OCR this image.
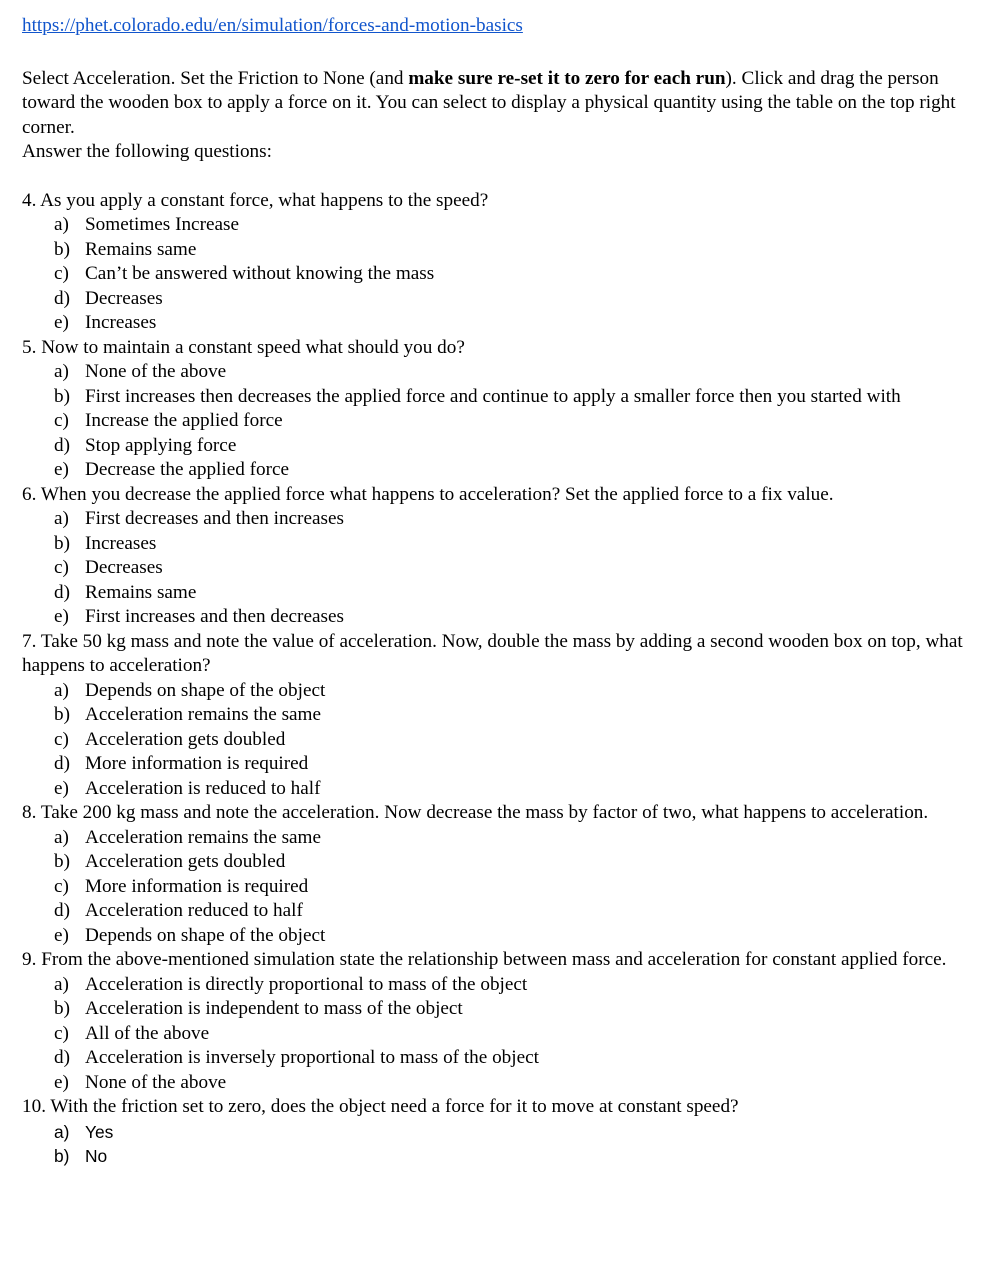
https://phet.colorado.edu/en/simulation/forces-and-motion-basics

Select Acceleration. Set the Friction to None (and make sure re-set it to zero for each run). Click and drag the person toward the wooden box to apply a force on it. You can select to display a physical quantity using the table on the top right corner.
Answer the following questions:

4. As you apply a constant force, what happens to the speed?

a) Sometimes Increase
b) Remains same
c) Can’t be answered without knowing the mass
d) Decreases
e) Increases

5. Now to maintain a constant speed what should you do?

a) None of the above
b) First increases then decreases the applied force and continue to apply a smaller force then you started with
c) Increase the applied force
d) Stop applying force
e) Decrease the applied force

6. When you decrease the applied force what happens to acceleration? Set the applied force to a fix value.

a) First decreases and then increases
b) Increases
c) Decreases
d) Remains same
e) First increases and then decreases

7. Take 50 kg mass and note the value of acceleration. Now, double the mass by adding a second wooden box on top, what happens to acceleration?

a) Depends on shape of the object
b) Acceleration remains the same
c) Acceleration gets doubled
d) More information is required
e) Acceleration is reduced to half

8. Take 200 kg mass and note the acceleration. Now decrease the mass by factor of two, what happens to acceleration.

a) Acceleration remains the same
b) Acceleration gets doubled
c) More information is required
d) Acceleration reduced to half
e) Depends on shape of the object

9. From the above-mentioned simulation state the relationship between mass and acceleration for constant applied force.

a) Acceleration is directly proportional to mass of the object
b) Acceleration is independent to mass of the object
c) All of the above
d) Acceleration is inversely proportional to mass of the object
e) None of the above

10. With the friction set to zero, does the object need a force for it to move at constant speed?

a) Yes
b) No
